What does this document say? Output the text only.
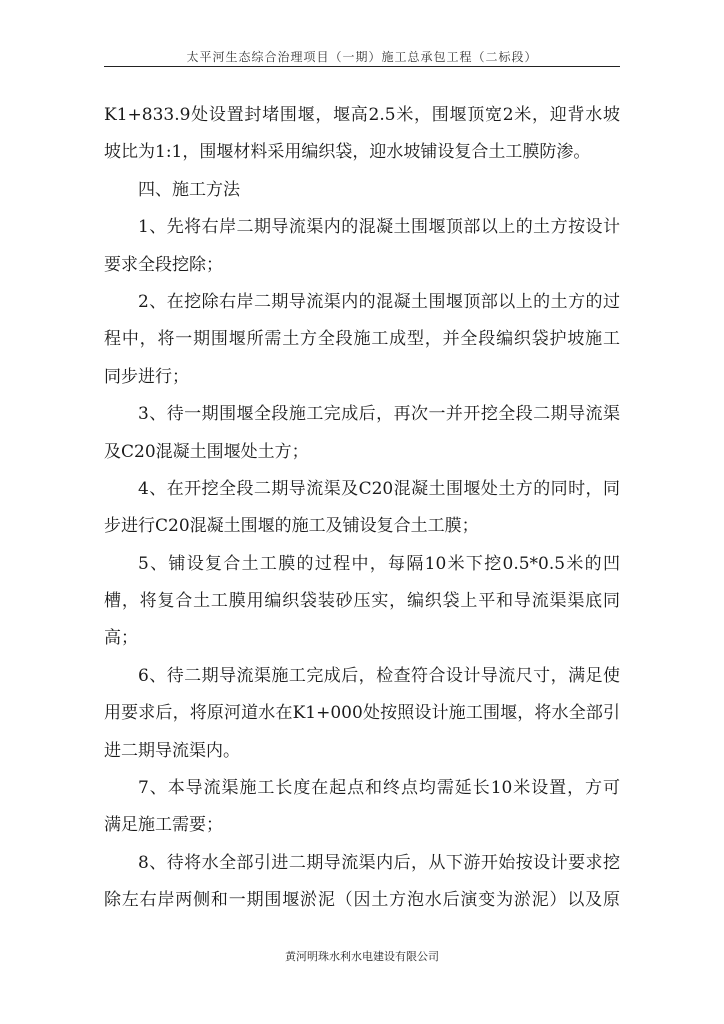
太平河生态综合治理项目（一期）施工总承包工程（二标段）
K1+833.9处设置封堵围堰，堰高2.5米，围堰顶宽2米，迎背水坡
坡比为1:1，围堰材料采用编织袋，迎水坡铺设复合土工膜防渗。
四、施工方法
1、先将右岸二期导流渠内的混凝土围堰顶部以上的土方按设计
要求全段挖除；
2、在挖除右岸二期导流渠内的混凝土围堰顶部以上的土方的过
程中，将一期围堰所需土方全段施工成型，并全段编织袋护坡施工
同步进行；
3、待一期围堰全段施工完成后，再次一并开挖全段二期导流渠
及C20混凝土围堰处土方；
4、在开挖全段二期导流渠及C20混凝土围堰处土方的同时，同
步进行C20混凝土围堰的施工及铺设复合土工膜；
5、铺设复合土工膜的过程中，每隔10米下挖0.5*0.5米的凹
槽，将复合土工膜用编织袋装砂压实，编织袋上平和导流渠渠底同
高；
6、待二期导流渠施工完成后，检查符合设计导流尺寸，满足使
用要求后，将原河道水在K1+000处按照设计施工围堰，将水全部引
进二期导流渠内。
7、本导流渠施工长度在起点和终点均需延长10米设置，方可
满足施工需要；
8、待将水全部引进二期导流渠内后，从下游开始按设计要求挖
除左右岸两侧和一期围堰淤泥（因土方泡水后演变为淤泥）以及原
黄河明珠水利水电建设有限公司
